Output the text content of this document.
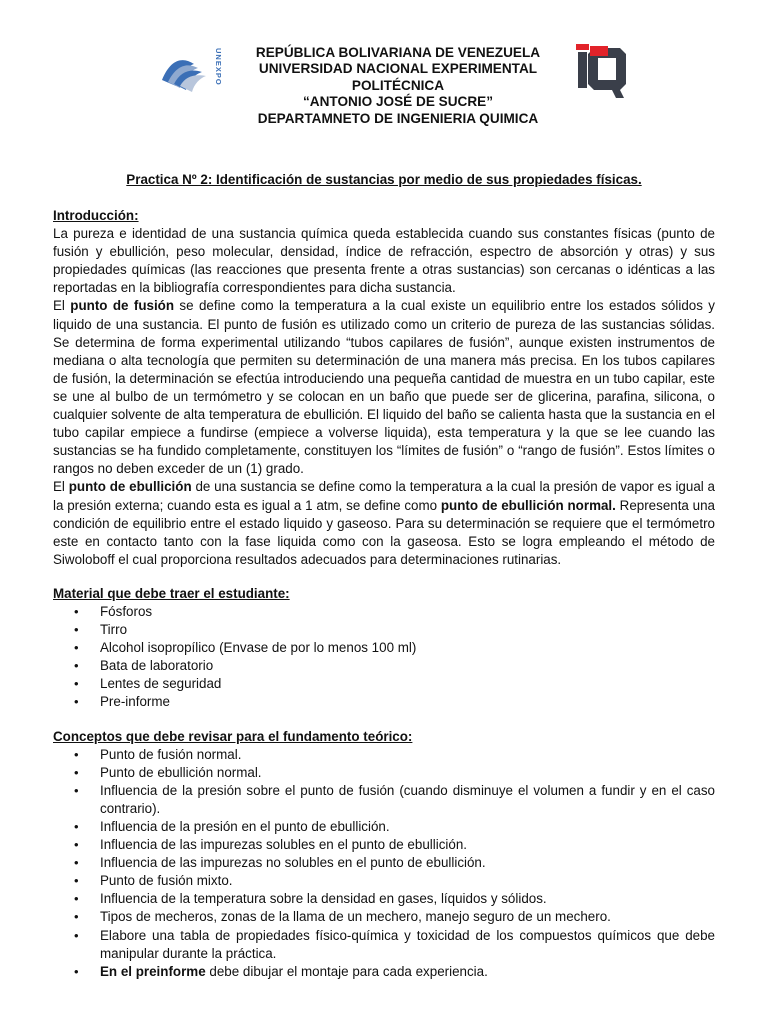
UNEXPO
IQ
REPÚBLICA BOLIVARIANA DE VENEZUELA
UNIVERSIDAD NACIONAL EXPERIMENTAL
POLITÉCNICA
“ANTONIO JOSÉ DE SUCRE”
DEPARTAMNETO DE INGENIERIA QUIMICA
Practica Nº 2: Identificación de sustancias por medio de sus propiedades físicas.
Introducción:

La pureza e identidad de una sustancia química queda establecida cuando sus constantes físicas (punto de fusión y ebullición, peso molecular, densidad, índice de refracción, espectro de absorción y otras) y sus propiedades químicas (las reacciones que presenta frente a otras sustancias) son cercanas o idénticas a las reportadas en la bibliografía correspondientes para dicha sustancia.

El punto de fusión se define como la temperatura a la cual existe un equilibrio entre los estados sólidos y liquido de una sustancia. El punto de fusión es utilizado como un criterio de pureza de las sustancias sólidas. Se determina de forma experimental utilizando “tubos capilares de fusión”, aunque existen instrumentos de mediana o alta tecnología que permiten su determinación de una manera más precisa. En los tubos capilares de fusión, la determinación se efectúa introduciendo una pequeña cantidad de muestra en un tubo capilar, este se une al bulbo de un termómetro y se colocan en un baño que puede ser de glicerina, parafina, silicona, o cualquier solvente de alta temperatura de ebullición. El liquido del baño se calienta hasta que la sustancia en el tubo capilar empiece a fundirse (empiece a volverse liquida), esta temperatura y la que se lee cuando las sustancias se ha fundido completamente, constituyen los “límites de fusión” o “rango de fusión”. Estos límites o rangos no deben exceder de un (1) grado.

El punto de ebullición de una sustancia se define como la temperatura a la cual la presión de vapor es igual a la presión externa; cuando esta es igual a 1 atm, se define como punto de ebullición normal. Representa una condición de equilibrio entre el estado liquido y gaseoso. Para su determinación se requiere que el termómetro este en contacto tanto con la fase liquida como con la gaseosa. Esto se logra empleando el método de Siwoloboff el cual proporciona resultados adecuados para determinaciones rutinarias.

Material que debe traer el estudiante:
• Fósforos
• Tirro
• Alcohol isopropílico (Envase de por lo menos 100 ml)
• Bata de laboratorio
• Lentes de seguridad
• Pre-informe
Conceptos que debe revisar para el fundamento teórico:
• Punto de fusión normal.
• Punto de ebullición normal.
• Influencia de la presión sobre el punto de fusión (cuando disminuye el volumen a fundir y en el caso contrario).
• Influencia de la presión en el punto de ebullición.
• Influencia de las impurezas solubles en el punto de ebullición.
• Influencia de las impurezas no solubles en el punto de ebullición.
• Punto de fusión mixto.
• Influencia de la temperatura sobre la densidad en gases, líquidos y sólidos.
• Tipos de mecheros, zonas de la llama de un mechero, manejo seguro de un mechero.
• Elabore una tabla de propiedades físico-química y toxicidad de los compuestos químicos que debe manipular durante la práctica.
• En el preinforme debe dibujar el montaje para cada experiencia.
